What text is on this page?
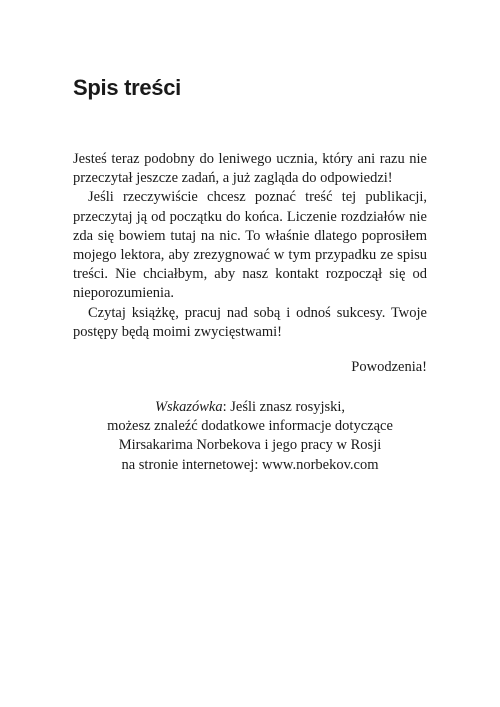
Spis treści

Jesteś teraz podobny do leniwego ucznia, który ani razu nie przeczytał jeszcze zadań, a już zagląda do odpowiedzi!

Jeśli rzeczywiście chcesz poznać treść tej publikacji, przeczytaj ją od początku do końca. Liczenie rozdziałów nie zda się bowiem tutaj na nic. To właśnie dlatego poprosiłem mojego lektora, aby zrezygnować w tym przypadku ze spisu treści. Nie chciałbym, aby nasz kontakt rozpoczął się od nieporozumienia.

Czytaj książkę, pracuj nad sobą i odnoś sukcesy. Twoje postępy będą moimi zwycięstwami!

Powodzenia!

Wskazówka: Jeśli znasz rosyjski,
możesz znaleźć dodatkowe informacje dotyczące
Mirsakarima Norbekova i jego pracy w Rosji
na stronie internetowej: www.norbekov.com
